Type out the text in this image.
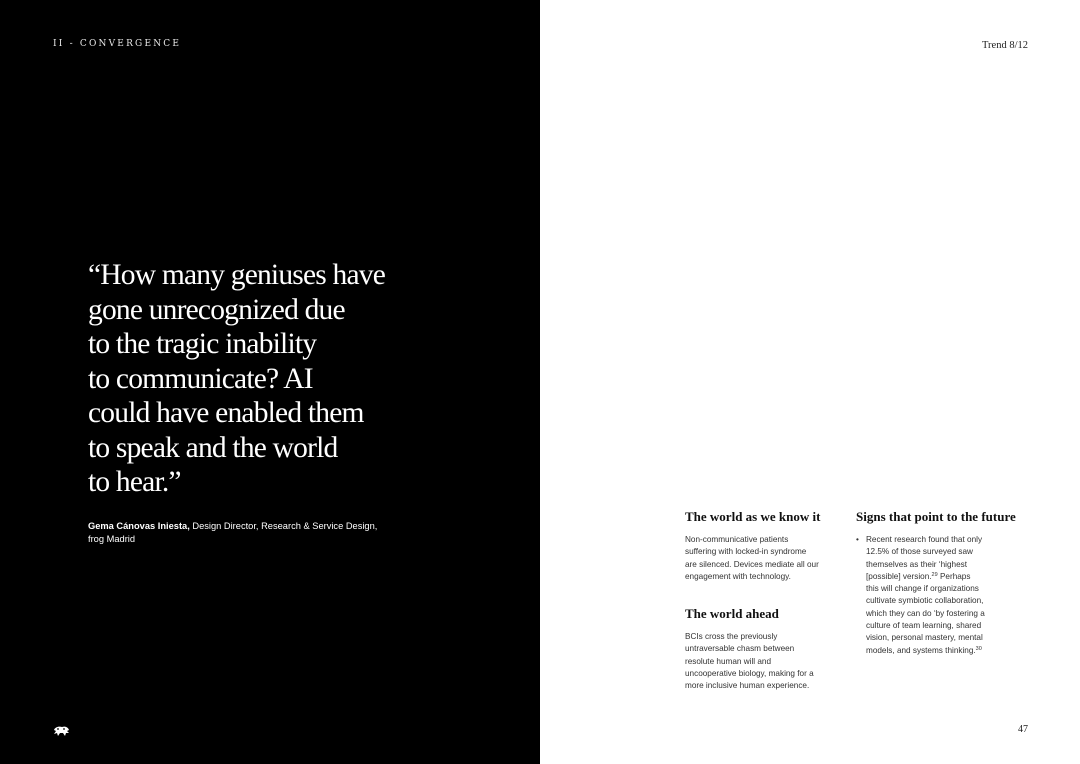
II - CONVERGENCE

“How many geniuses have
gone unrecognized due
to the tragic inability
to communicate? AI
could have enabled them
to speak and the world
to hear.”

Gema Cánovas Iniesta, Design Director, Research & Service Design,
frog Madrid
Trend 8/12
The world as we know it

Non-communicative patients
suffering with locked-in syndrome
are silenced. Devices mediate all our
engagement with technology.

The world ahead

BCIs cross the previously
untraversable chasm between
resolute human will and
uncooperative biology, making for a
more inclusive human experience.

Signs that point to the future
• Recent research found that only
12.5% of those surveyed saw
themselves as their ‘highest
[possible] version.$^{29}$ Perhaps
this will change if organizations
cultivate symbiotic collaboration,
which they can do ‘by fostering a
culture of team learning, shared
vision, personal mastery, mental
models, and systems thinking.$^{30}$

47
